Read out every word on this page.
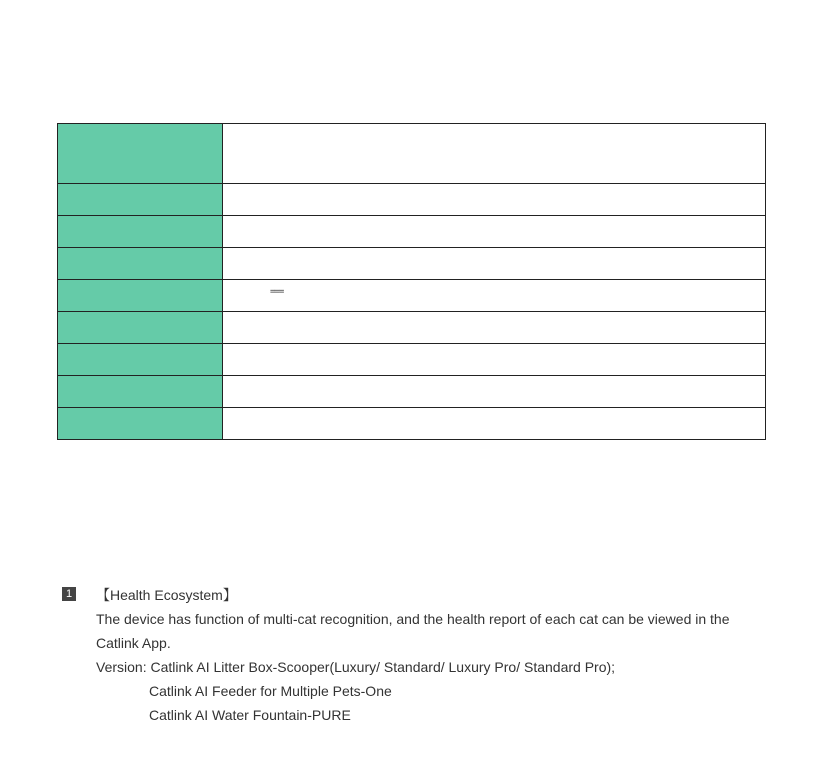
	===

1 【Health Ecosystem】
The device has function of multi-cat recognition, and the health report of each cat can be viewed in the
Catlink App.
Version: Catlink AI Litter Box-Scooper(Luxury/ Standard/ Luxury Pro/ Standard Pro);
Catlink AI Feeder for Multiple Pets-One
Catlink AI Water Fountain-PURE
